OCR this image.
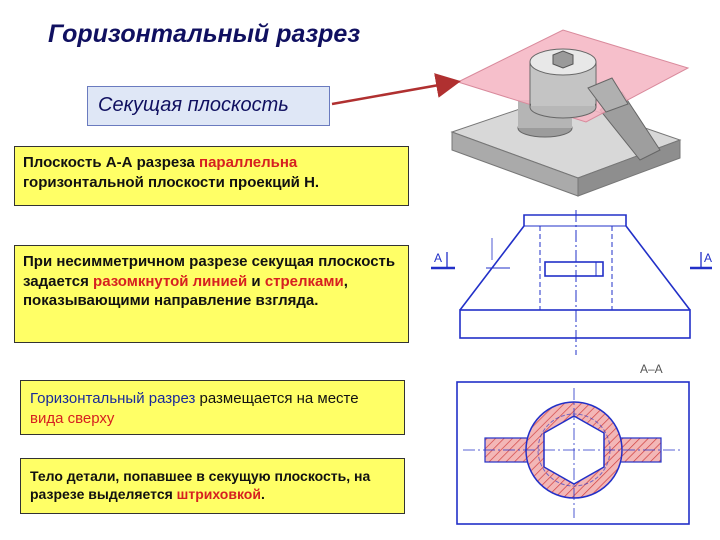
Горизонтальный разрез
Секущая плоскость
Плоскость А-А разреза параллельна горизонтальной плоскости проекций Н.
При несимметричном разрезе секущая плоскость задается разомкнутой линией и стрелками, показывающими направление взгляда.
Горизонтальный разрез размещается на месте вида сверху
Тело детали, попавшее в секущую плоскость, на разрезе выделяется штриховкой.
А	А
А–А
